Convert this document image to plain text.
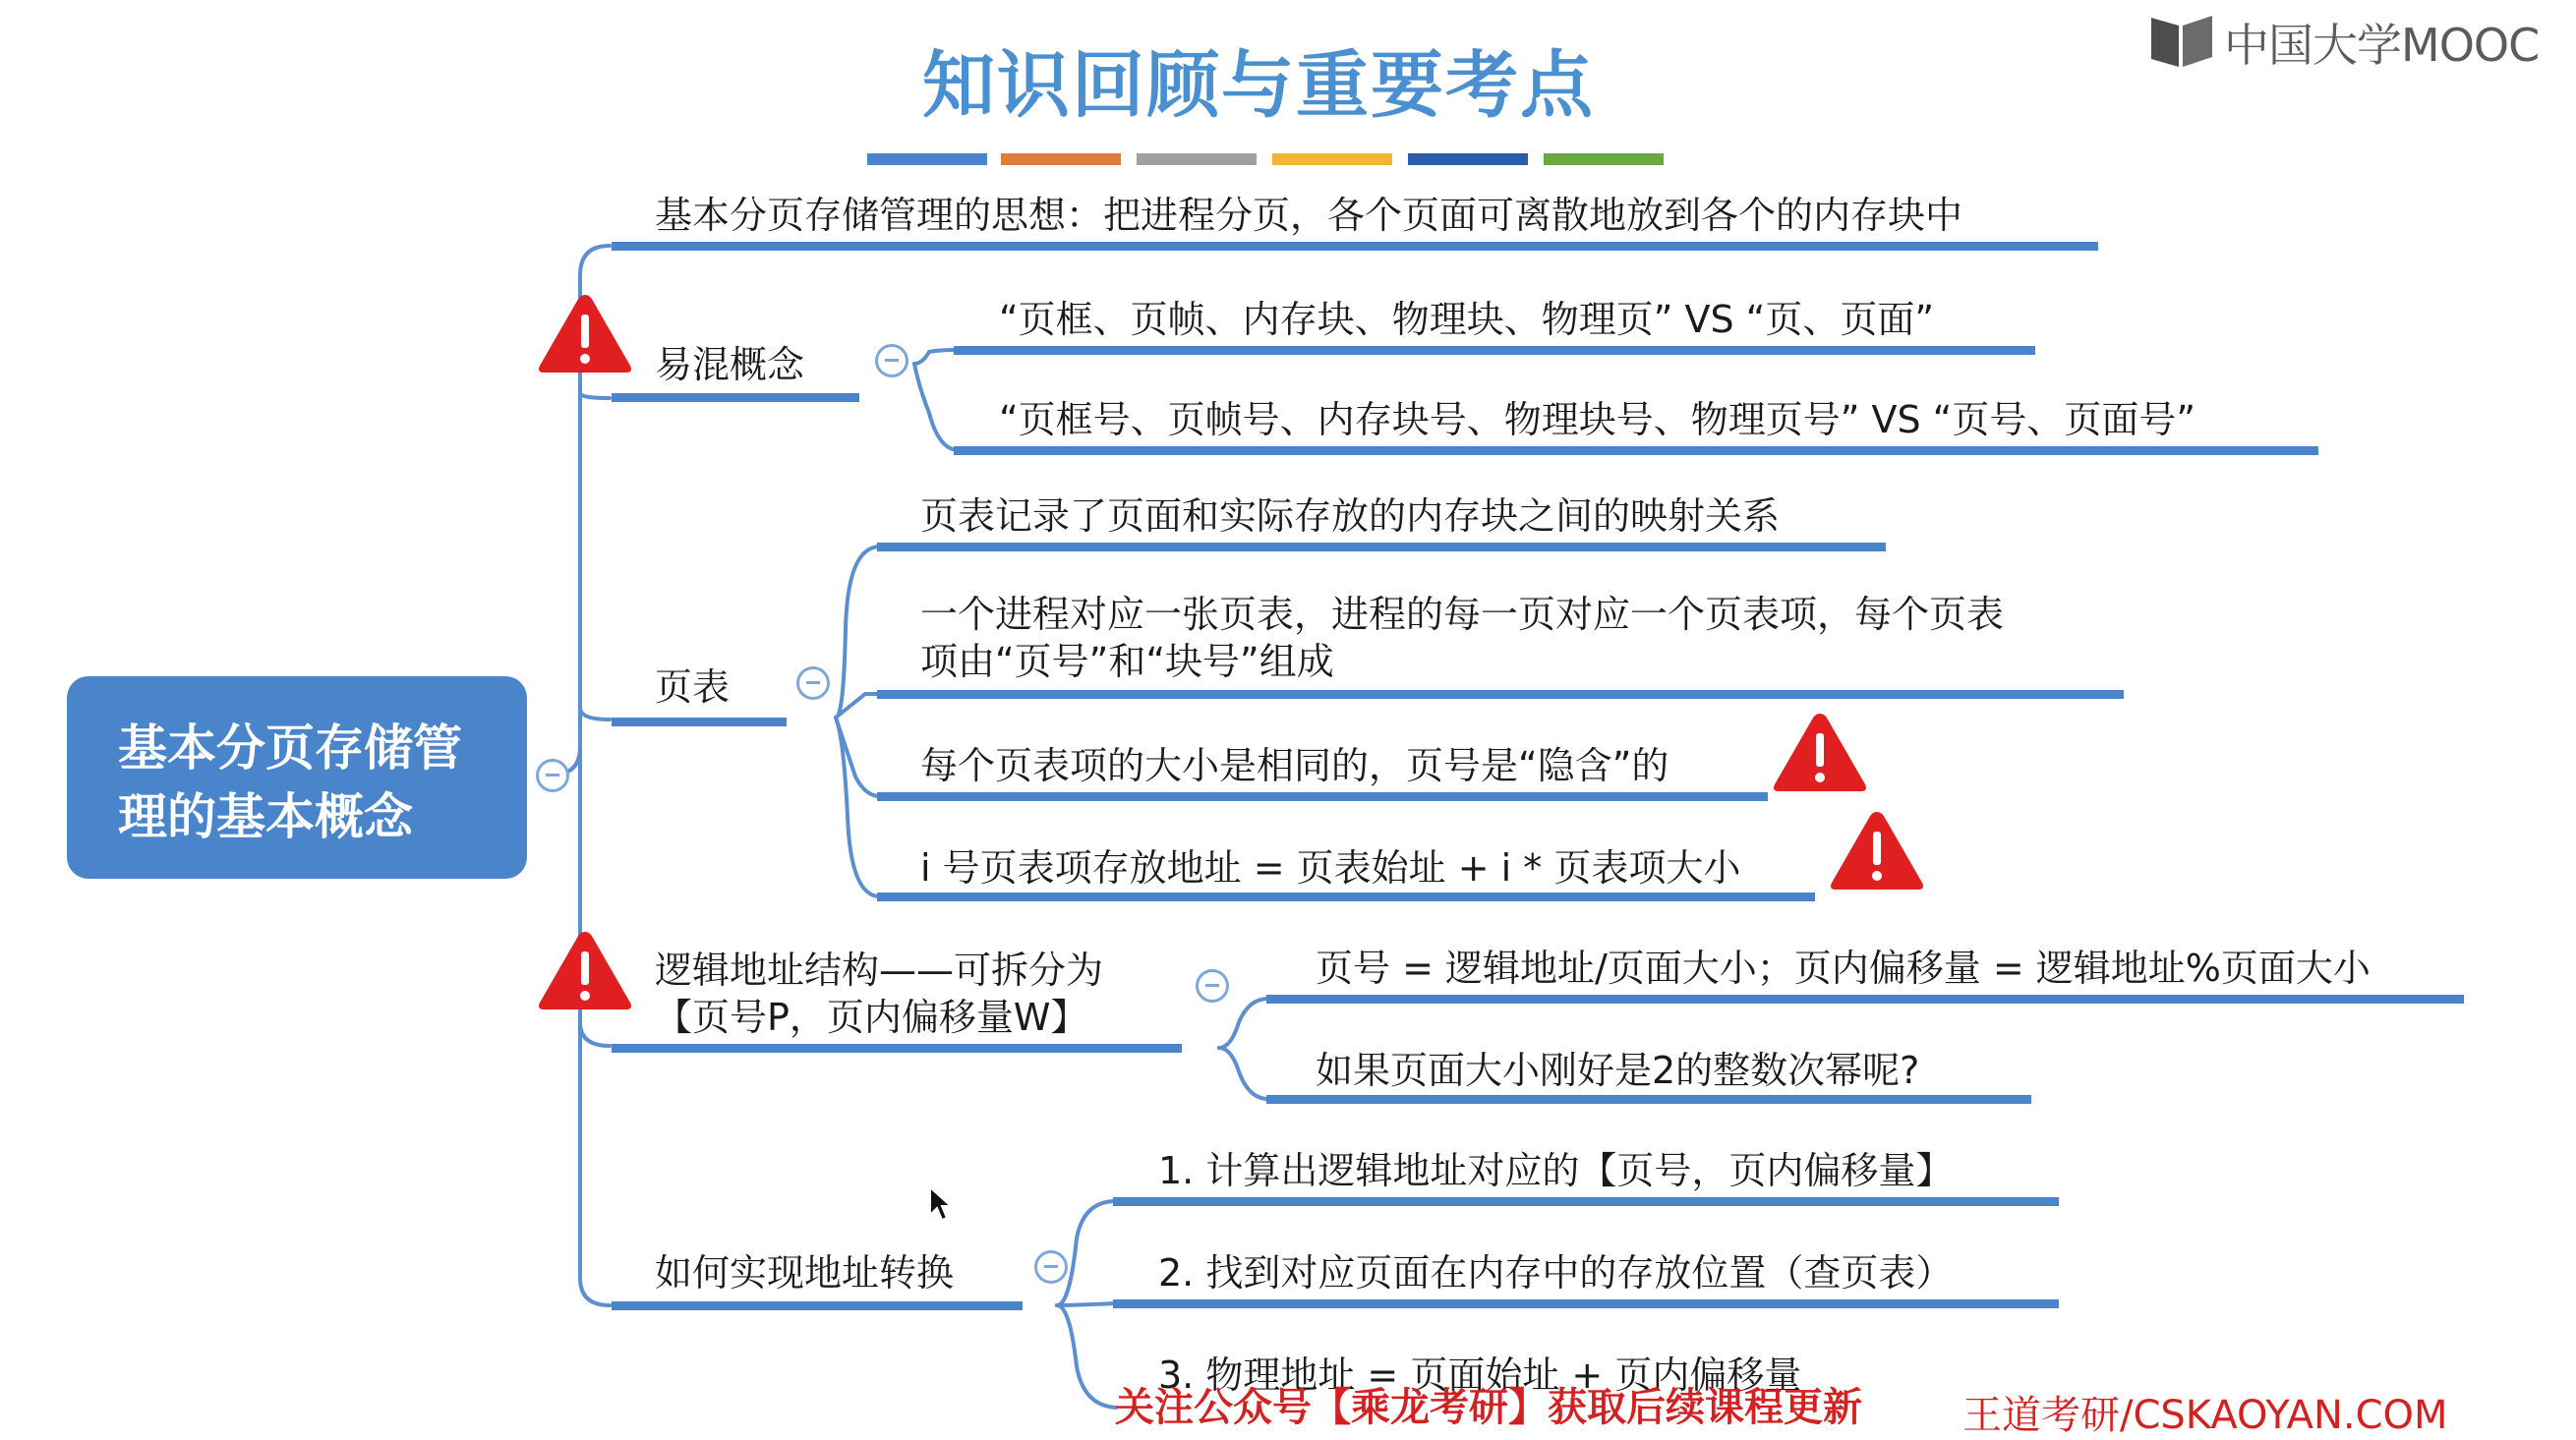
知识回顾与重要考点	中国大学MOOC
基本分页存储管理的基本概念
基本分页存储管理的思想：把进程分页，各个页面可离散地放到各个的内存块中
易混概念
“页框、页帧、内存块、物理块、物理页” VS “页、页面”
“页框号、页帧号、内存块号、物理块号、物理页号” VS “页号、页面号”
页表
页表记录了页面和实际存放的内存块之间的映射关系
一个进程对应一张页表，进程的每一页对应一个页表项，每个页表
项由“页号”和“块号”组成
每个页表项的大小是相同的，页号是“隐含”的
i 号页表项存放地址 = 页表始址 + i * 页表项大小
逻辑地址结构——可拆分为
【页号P，页内偏移量W】
页号 = 逻辑地址/页面大小；页内偏移量 = 逻辑地址%页面大小
如果页面大小刚好是2的整数次幂呢?
如何实现地址转换
1. 计算出逻辑地址对应的【页号，页内偏移量】
2. 找到对应页面在内存中的存放位置（查页表）
3. 物理地址 = 页面始址 + 页内偏移量
关注公众号【乘龙考研】获取后续课程更新	王道考研/CSKAOYAN.COM
